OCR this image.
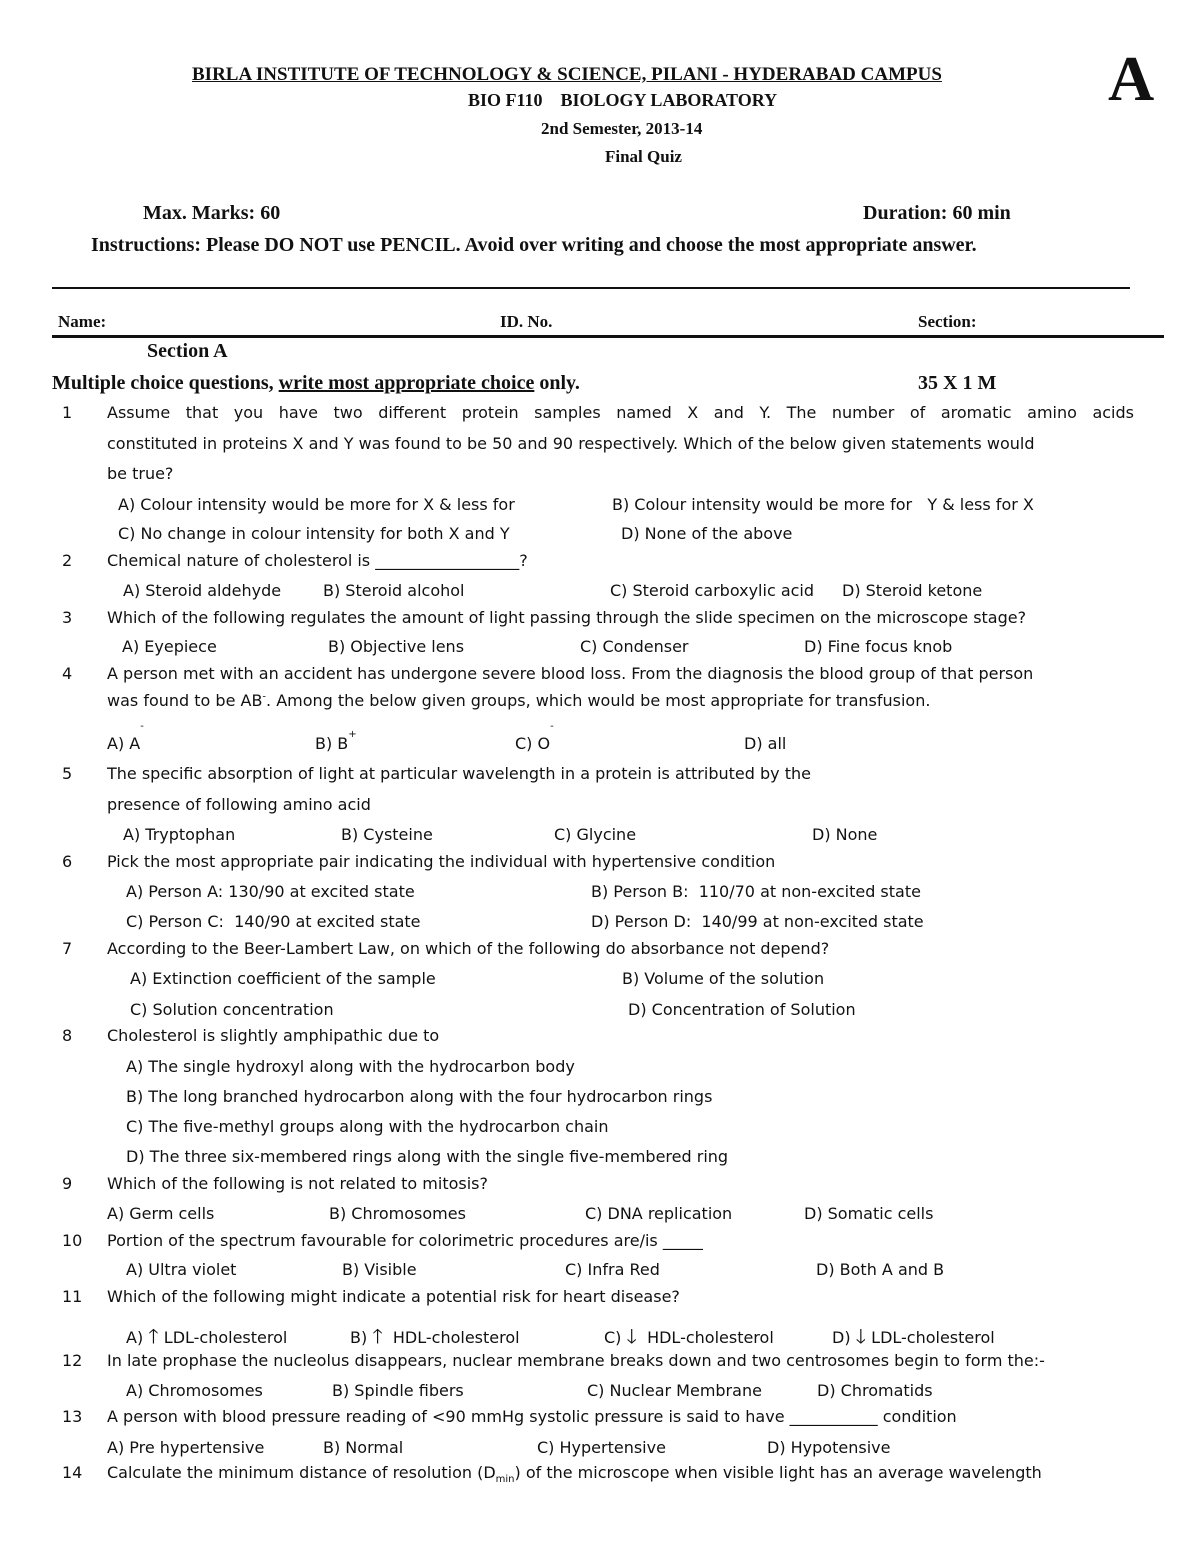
BIRLA INSTITUTE OF TECHNOLOGY & SCIENCE, PILANI - HYDERABAD CAMPUS	A
BIO F110    BIOLOGY LABORATORY
2nd Semester, 2013-14
Final Quiz
Max. Marks: 60	Duration: 60 min
Instructions: Please DO NOT use PENCIL. Avoid over writing and choose the most appropriate answer.
Name:	ID. No.	Section:
Section A
Multiple choice questions, write most appropriate choice only.	35 X 1 M
1 Assume that you have two different protein samples named X and Y. The number of aromatic amino acids
constituted in proteins X and Y was found to be 50 and 90 respectively. Which of the below given statements would
be true?
A) Colour intensity would be more for X & less for	B) Colour intensity would be more for   Y & less for X
C) No change in colour intensity for both X and Y	D) None of the above
2 Chemical nature of cholesterol is __________________?
A) Steroid aldehyde	B) Steroid alcohol	C) Steroid carboxylic acid D) Steroid ketone
3 Which of the following regulates the amount of light passing through the slide specimen on the microscope stage?
A) Eyepiece	B) Objective lens	C) Condenser	D) Fine focus knob
4 A person met with an accident has undergone severe blood loss. From the diagnosis the blood group of that person
was found to be AB-. Among the below given groups, which would be most appropriate for transfusion.
A) A-
B) B+	C) O-
D) all
5 The specific absorption of light at particular wavelength in a protein is attributed by the
presence of following amino acid
A) Tryptophan	B) Cysteine	C) Glycine	D) None
6 Pick the most appropriate pair indicating the individual with hypertensive condition
A) Person A: 130/90 at excited state	B) Person B:  110/70 at non-excited state
C) Person C:  140/90 at excited state	D) Person D:  140/99 at non-excited state
7 According to the Beer-Lambert Law, on which of the following do absorbance not depend?
A) Extinction coefficient of the sample	B) Volume of the solution
C) Solution concentration	D) Concentration of Solution
8 Cholesterol is slightly amphipathic due to
A) The single hydroxyl along with the hydrocarbon body
B) The long branched hydrocarbon along with the four hydrocarbon rings
C) The five-methyl groups along with the hydrocarbon chain
D) The three six-membered rings along with the single five-membered ring
9 Which of the following is not related to mitosis?
A) Germ cells	B) Chromosomes	C) DNA replication	D) Somatic cells
10 Portion of the spectrum favourable for colorimetric procedures are/is _____
A) Ultra violet	B) Visible	C) Infra Red	D) Both A and B
11 Which of the following might indicate a potential risk for heart disease?
A) 🡑 LDL-cholesterol	B) 🡑  HDL-cholesterol	C) 🡓  HDL-cholesterol	D) 🡓 LDL-cholesterol
12 In late prophase the nucleolus disappears, nuclear membrane breaks down and two centrosomes begin to form the:-
A) Chromosomes	B) Spindle fibers	C) Nuclear Membrane	D) Chromatids
13 A person with blood pressure reading of <90 mmHg systolic pressure is said to have ___________ condition
A) Pre hypertensive	B) Normal	C) Hypertensive	D) Hypotensive
14 Calculate the minimum distance of resolution $(D_{min})$ of the microscope when visible light has an average wavelength
